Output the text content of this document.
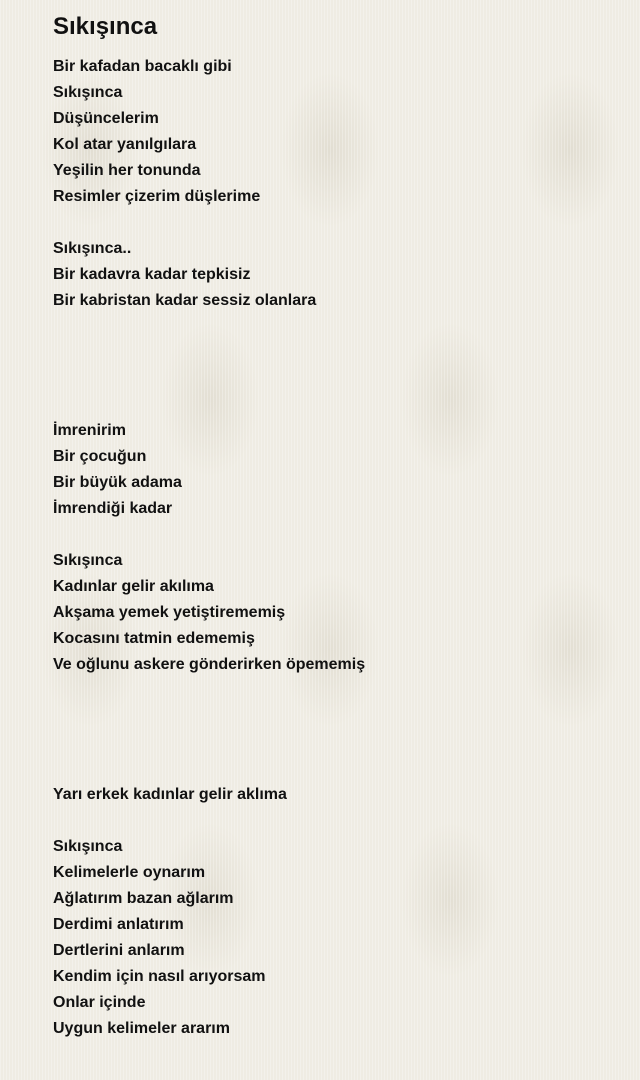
Sıkışınca
Bir kafadan bacaklı gibi
Sıkışınca
Düşüncelerim
Kol atar yanılgılara
Yeşilin her tonunda
Resimler çizerim düşlerime
Sıkışınca..
Bir kadavra kadar tepkisiz
Bir kabristan kadar sessiz olanlara
İmrenirim
Bir çocuğun
Bir büyük adama
İmrendiği kadar
Sıkışınca
Kadınlar gelir akılıma
Akşama yemek yetiştirememiş
Kocasını tatmin edememiş
Ve oğlunu askere gönderirken öpememiş
Yarı erkek kadınlar gelir aklıma
Sıkışınca
Kelimelerle oynarım
Ağlatırım bazan ağlarım
Derdimi anlatırım
Dertlerini anlarım
Kendim için nasıl arıyorsam
Onlar içinde
Uygun kelimeler ararım
